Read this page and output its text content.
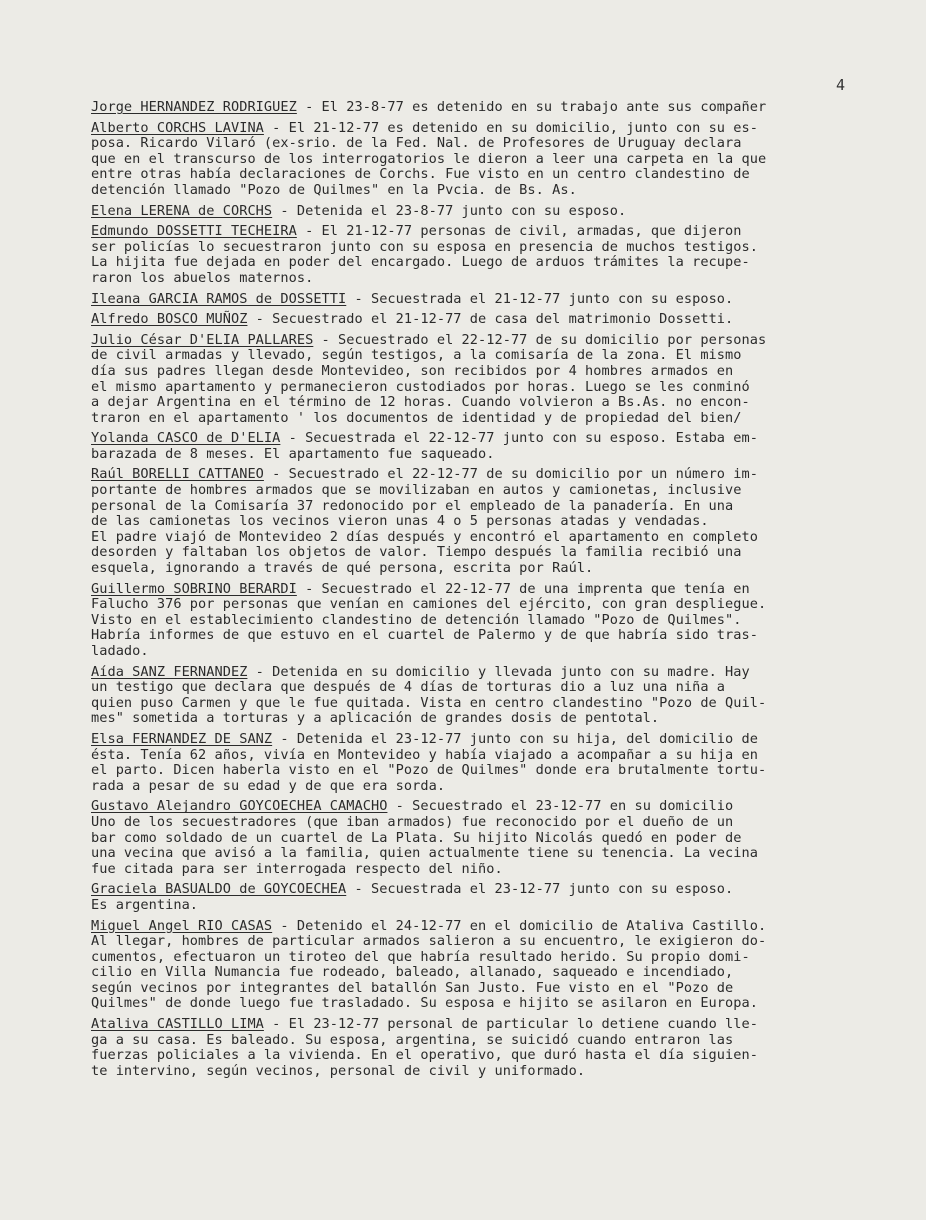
4

Jorge HERNANDEZ RODRIGUEZ - El 23-8-77 es detenido en su trabajo ante sus compañer

Alberto CORCHS LAVINA - El 21-12-77 es detenido en su domicilio, junto con su es-
posa. Ricardo Vilaró (ex-srio. de la Fed. Nal. de Profesores de Uruguay declara
que en el transcurso de los interrogatorios le dieron a leer una carpeta en la que
entre otras había declaraciones de Corchs. Fue visto en un centro clandestino de
detención llamado "Pozo de Quilmes" en la Pvcia. de Bs. As.

Elena LERENA de CORCHS - Detenida el 23-8-77 junto con su esposo.

Edmundo DOSSETTI TECHEIRA - El 21-12-77 personas de civil, armadas, que dijeron
ser policías lo secuestraron junto con su esposa en presencia de muchos testigos.
La hijita fue dejada en poder del encargado. Luego de arduos trámites la recupe-
raron los abuelos maternos.

Ileana GARCIA RAMOS de DOSSETTI - Secuestrada el 21-12-77 junto con su esposo.

Alfredo BOSCO MUÑOZ - Secuestrado el 21-12-77 de casa del matrimonio Dossetti.

Julio César D'ELIA PALLARES - Secuestrado el 22-12-77 de su domicilio por personas
de civil armadas y llevado, según testigos, a la comisaría de la zona. El mismo
día sus padres llegan desde Montevideo, son recibidos por 4 hombres armados en
el mismo apartamento y permanecieron custodiados por horas. Luego se les conminó
a dejar Argentina en el término de 12 horas. Cuando volvieron a Bs.As. no encon-
traron en el apartamento ' los documentos de identidad y de propiedad del bien/

Yolanda CASCO de D'ELIA - Secuestrada el 22-12-77 junto con su esposo. Estaba em-
barazada de 8 meses. El apartamento fue saqueado.

Raúl BORELLI CATTANEO - Secuestrado el 22-12-77 de su domicilio por un número im-
portante de hombres armados que se movilizaban en autos y camionetas, inclusive
personal de la Comisaría 37 redonocido por el empleado de la panadería. En una
de las camionetas los vecinos vieron unas 4 o 5 personas atadas y vendadas.
El padre viajó de Montevideo 2 días después y encontró el apartamento en completo
desorden y faltaban los objetos de valor. Tiempo después la familia recibió una
esquela, ignorando a través de qué persona, escrita por Raúl.

Guillermo SOBRINO BERARDI - Secuestrado el 22-12-77 de una imprenta que tenía en
Falucho 376 por personas que venían en camiones del ejército, con gran despliegue.
Visto en el establecimiento clandestino de detención llamado "Pozo de Quilmes".
Habría informes de que estuvo en el cuartel de Palermo y de que habría sido tras-
ladado.

Aída SANZ FERNANDEZ - Detenida en su domicilio y llevada junto con su madre. Hay
un testigo que declara que después de 4 días de torturas dio a luz una niña a
quien puso Carmen y que le fue quitada. Vista en centro clandestino "Pozo de Quil-
mes" sometida a torturas y a aplicación de grandes dosis de pentotal.

Elsa FERNANDEZ DE SANZ - Detenida el 23-12-77 junto con su hija, del domicilio de
ésta. Tenía 62 años, vivía en Montevideo y había viajado a acompañar a su hija en
el parto. Dicen haberla visto en el "Pozo de Quilmes" donde era brutalmente tortu-
rada a pesar de su edad y de que era sorda.

Gustavo Alejandro GOYCOECHEA CAMACHO - Secuestrado el 23-12-77 en su domicilio
Uno de los secuestradores (que iban armados) fue reconocido por el dueño de un
bar como soldado de un cuartel de La Plata. Su hijito Nicolás quedó en poder de
una vecina que avisó a la familia, quien actualmente tiene su tenencia. La vecina
fue citada para ser interrogada respecto del niño.

Graciela BASUALDO de GOYCOECHEA - Secuestrada el 23-12-77 junto con su esposo.
Es argentina.

Miguel Angel RIO CASAS - Detenido el 24-12-77 en el domicilio de Ataliva Castillo.
Al llegar, hombres de particular armados salieron a su encuentro, le exigieron do-
cumentos, efectuaron un tiroteo del que habría resultado herido. Su propio domi-
cilio en Villa Numancia fue rodeado, baleado, allanado, saqueado e incendiado,
según vecinos por integrantes del batallón San Justo. Fue visto en el "Pozo de
Quilmes" de donde luego fue trasladado. Su esposa e hijito se asilaron en Europa.

Ataliva CASTILLO LIMA - El 23-12-77 personal de particular lo detiene cuando lle-
ga a su casa. Es baleado. Su esposa, argentina, se suicidó cuando entraron las
fuerzas policiales a la vivienda. En el operativo, que duró hasta el día siguien-
te intervino, según vecinos, personal de civil y uniformado.
